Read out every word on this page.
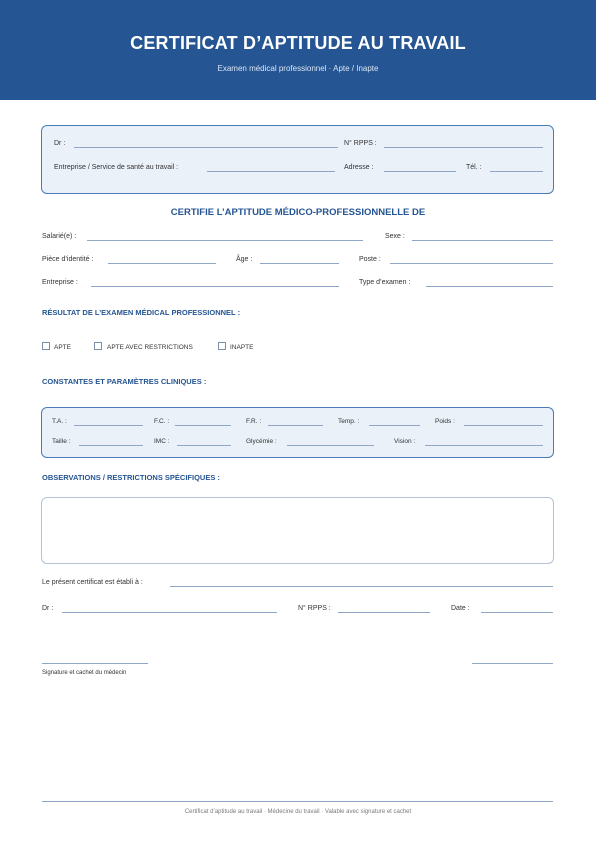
CERTIFICAT D’APTITUDE AU TRAVAIL
Examen médical professionnel · Apte / Inapte
Dr :	N° RPPS :
Entreprise / Service de santé au travail :	Adresse :	Tél. :
CERTIFIE L’APTITUDE MÉDICO-PROFESSIONNELLE DE
Salarié(e) :	Sexe :
Pièce d’identité :	Âge :	Poste :
Entreprise :	Type d’examen :
RÉSULTAT DE L’EXAMEN MÉDICAL PROFESSIONNEL :
APTE	APTE AVEC RESTRICTIONS	INAPTE
CONSTANTES ET PARAMÈTRES CLINIQUES :
T.A. :	F.C. :	F.R. :	Temp. :	Poids :
Taille :	IMC :	Glycémie :	Vision :
OBSERVATIONS / RESTRICTIONS SPÉCIFIQUES :
Le présent certificat est établi à :
Dr :	N° RPPS :	Date :
Signature et cachet du médecin
Certificat d’aptitude au travail · Médecine du travail · Valable avec signature et cachet
